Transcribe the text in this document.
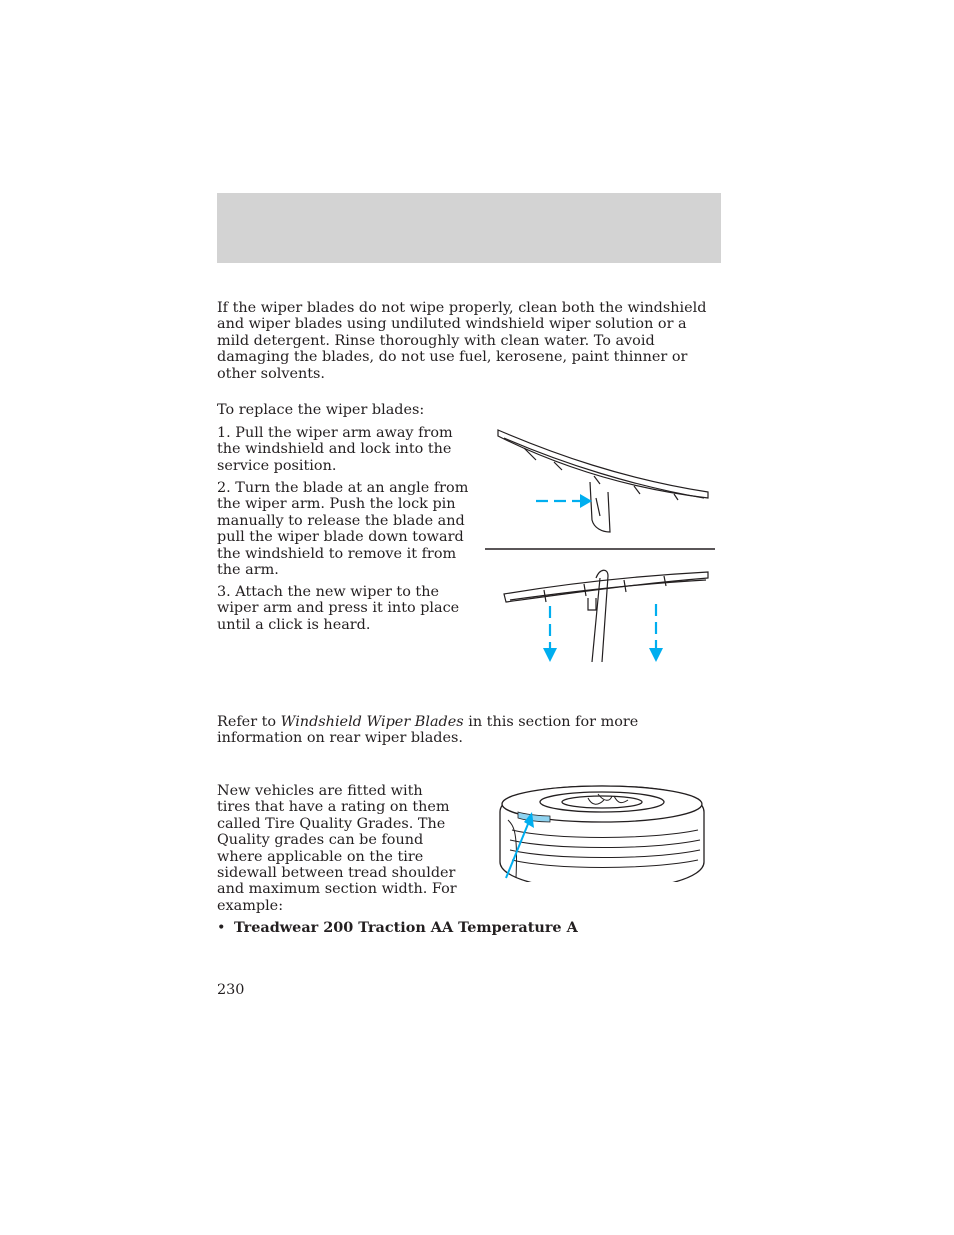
If the wiper blades do not wipe properly, clean both the windshield and wiper blades using undiluted windshield wiper solution or a mild detergent. Rinse thoroughly with clean water. To avoid damaging the blades, do not use fuel, kerosene, paint thinner or other solvents.

To replace the wiper blades:

1. Pull the wiper arm away from the windshield and lock into the service position.

2. Turn the blade at an angle from the wiper arm. Push the lock pin manually to release the blade and pull the wiper blade down toward the windshield to remove it from the arm.

3. Attach the new wiper to the wiper arm and press it into place until a click is heard.

Refer to Windshield Wiper Blades in this section for more information on rear wiper blades.

New vehicles are fitted with tires that have a rating on them called Tire Quality Grades. The Quality grades can be found where applicable on the tire sidewall between tread shoulder and maximum section width. For example:

• Treadwear 200 Traction AA Temperature A
230
